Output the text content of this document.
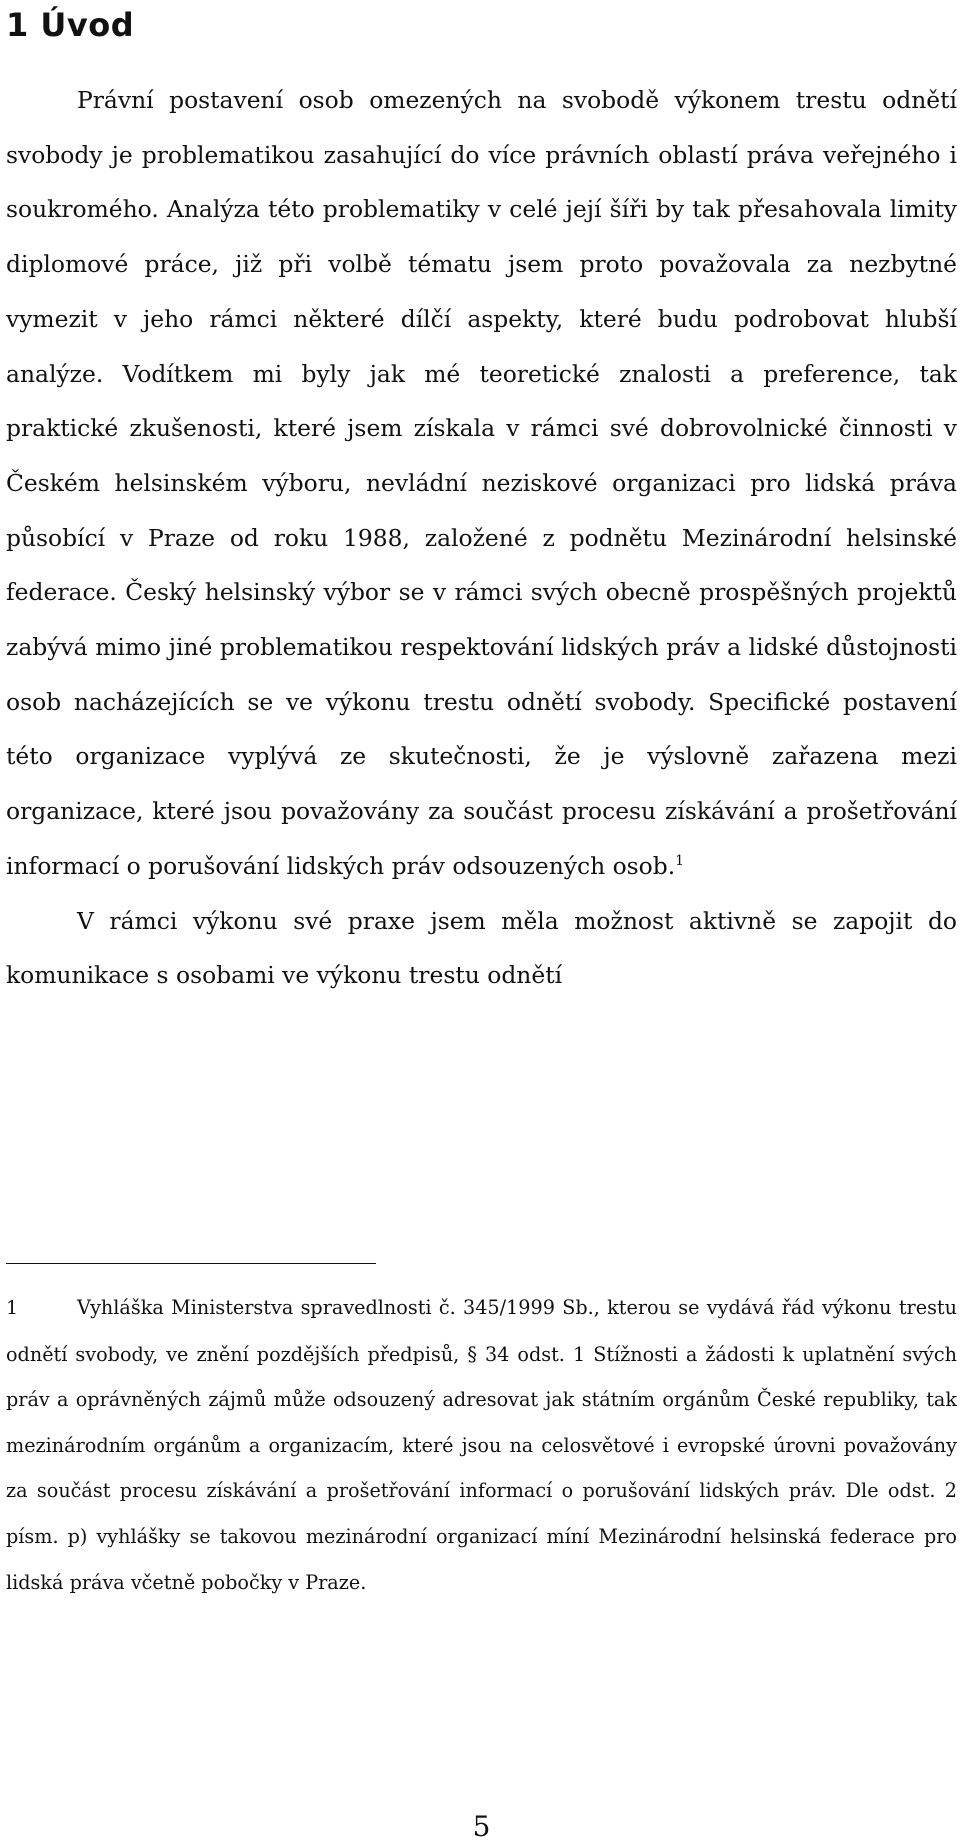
1 Úvod

Právní postavení osob omezených na svobodě výkonem trestu odnětí svobody je problematikou zasahující do více právních oblastí práva veřejného i soukromého. Analýza této problematiky v celé její šíři by tak přesahovala limity diplomové práce, již při volbě tématu jsem proto považovala za nezbytné vymezit v jeho rámci některé dílčí aspekty, které budu podrobovat hlubší analýze. Vodítkem mi byly jak mé teoretické znalosti a preference, tak praktické zkušenosti, které jsem získala v rámci své dobrovolnické činnosti v Českém helsinském výboru, nevládní neziskové organizaci pro lidská práva působící v Praze od roku 1988, založené z podnětu Mezinárodní helsinské federace. Český helsinský výbor se v rámci svých obecně prospěšných projektů zabývá mimo jiné problematikou respektování lidských práv a lidské důstojnosti osob nacházejících se ve výkonu trestu odnětí svobody. Specifické postavení této organizace vyplývá ze skutečnosti, že je výslovně zařazena mezi organizace, které jsou považovány za součást procesu získávání a prošetřování informací o porušování lidských práv odsouzených osob.$^1$

V rámci výkonu své praxe jsem měla možnost aktivně se zapojit do komunikace s osobami ve výkonu trestu odnětí

1	Vyhláška Ministerstva spravedlnosti č. 345/1999 Sb., kterou se vydává řád výkonu trestu odnětí svobody, ve znění pozdějších předpisů, § 34 odst. 1 Stížnosti a žádosti k uplatnění svých práv a oprávněných zájmů může odsouzený adresovat jak státním orgánům České republiky, tak mezinárodním orgánům a organizacím, které jsou na celosvětové i evropské úrovni považovány za součást procesu získávání a prošetřování informací o porušování lidských práv. Dle odst. 2 písm. p) vyhlášky se takovou mezinárodní organizací míní Mezinárodní helsinská federace pro lidská práva včetně pobočky v Praze.

5
